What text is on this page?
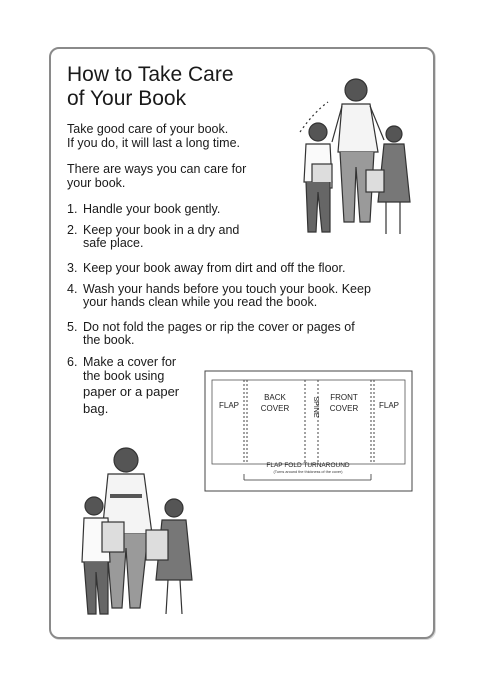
How to Take Care
of Your Book

Take good care of your book.
If you do, it will last a long time.

There are ways you can care for
your book.

1. Handle your book gently.
2. Keep your book in a dry and
safe place.
3. Keep your book away from dirt and off the floor.
4. Wash your hands before you touch your book. Keep
your hands clean while you read the book.
5. Do not fold the pages or rip the cover or pages of
the book.
6. Make a cover for
the book using
paper or a paper
bag.	FLAP
BACK
COVER	SPINE FRONT
COVER	FLAP
FLAP FOLD TURNAROUND
(Turns around the thickness of the cover)
